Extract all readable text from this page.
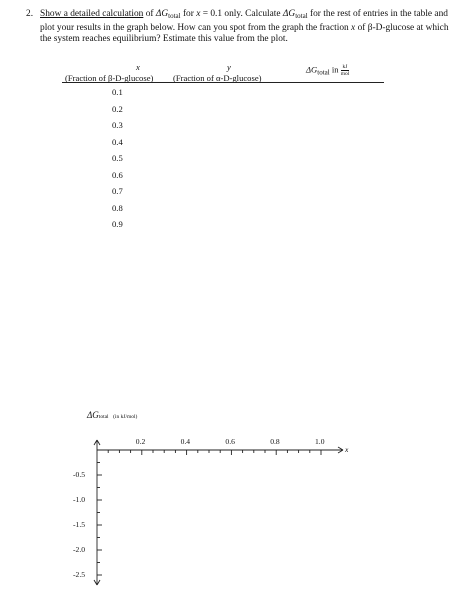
2. Show a detailed calculation of $\Delta G_{total}$ for x = 0.1 only. Calculate $\Delta G_{total}$ for the rest of entries in the table and plot your results in the graph below. How can you spot from the graph the fraction x of β-D-glucose at which the system reaches equilibrium? Estimate this value from the plot.
x
(Fraction of β-D-glucose)
y
(Fraction of α-D-glucose)
$\Delta G_{total}$ in $\frac{kJ}{\text{mol}}$
0.1
0.2
0.3
0.4
0.5
0.6
0.7
0.8
0.9
ΔGtotal (in kJ/mol)
0.2	0.4	0.6	0.8	1.0
-0.5
-1.0
-1.5
-2.0
-2.5
x
